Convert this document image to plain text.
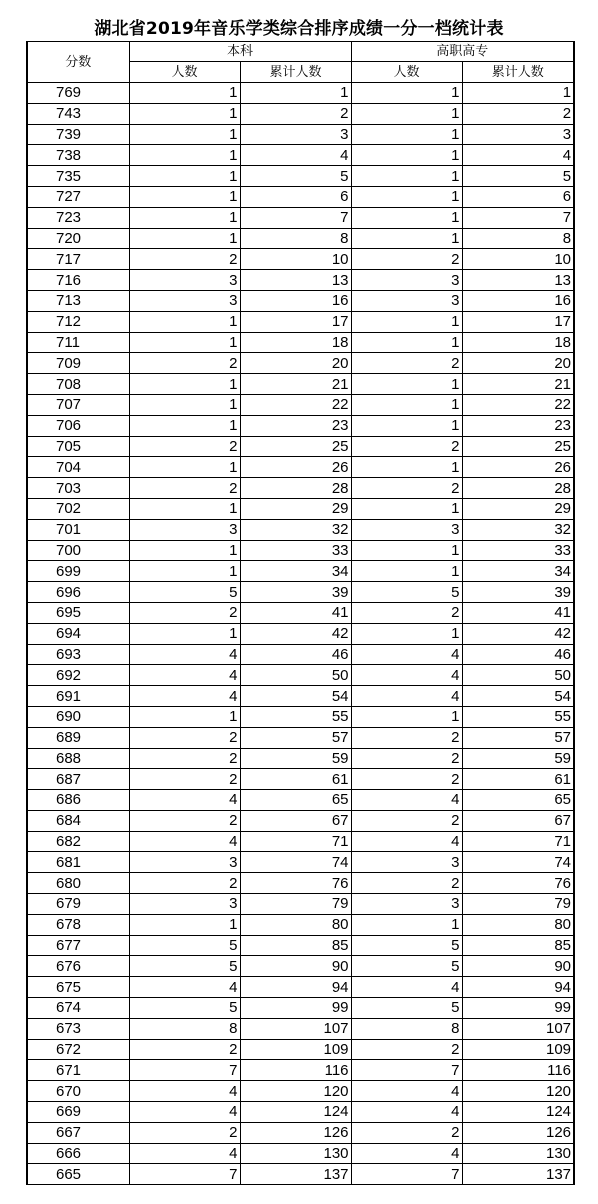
湖北省2019年音乐学类综合排序成绩一分一档统计表
分数	本科		高职高专	
	人数	累计人数	人数	累计人数
769	1	1	1	1
743	1	2	1	2
739	1	3	1	3
738	1	4	1	4
735	1	5	1	5
727	1	6	1	6
723	1	7	1	7
720	1	8	1	8
717	2	10	2	10
716	3	13	3	13
713	3	16	3	16
712	1	17	1	17
711	1	18	1	18
709	2	20	2	20
708	1	21	1	21
707	1	22	1	22
706	1	23	1	23
705	2	25	2	25
704	1	26	1	26
703	2	28	2	28
702	1	29	1	29
701	3	32	3	32
700	1	33	1	33
699	1	34	1	34
696	5	39	5	39
695	2	41	2	41
694	1	42	1	42
693	4	46	4	46
692	4	50	4	50
691	4	54	4	54
690	1	55	1	55
689	2	57	2	57
688	2	59	2	59
687	2	61	2	61
686	4	65	4	65
684	2	67	2	67
682	4	71	4	71
681	3	74	3	74
680	2	76	2	76
679	3	79	3	79
678	1	80	1	80
677	5	85	5	85
676	5	90	5	90
675	4	94	4	94
674	5	99	5	99
673	8	107	8	107
672	2	109	2	109
671	7	116	7	116
670	4	120	4	120
669	4	124	4	124
667	2	126	2	126
666	4	130	4	130
665	7	137	7	137
